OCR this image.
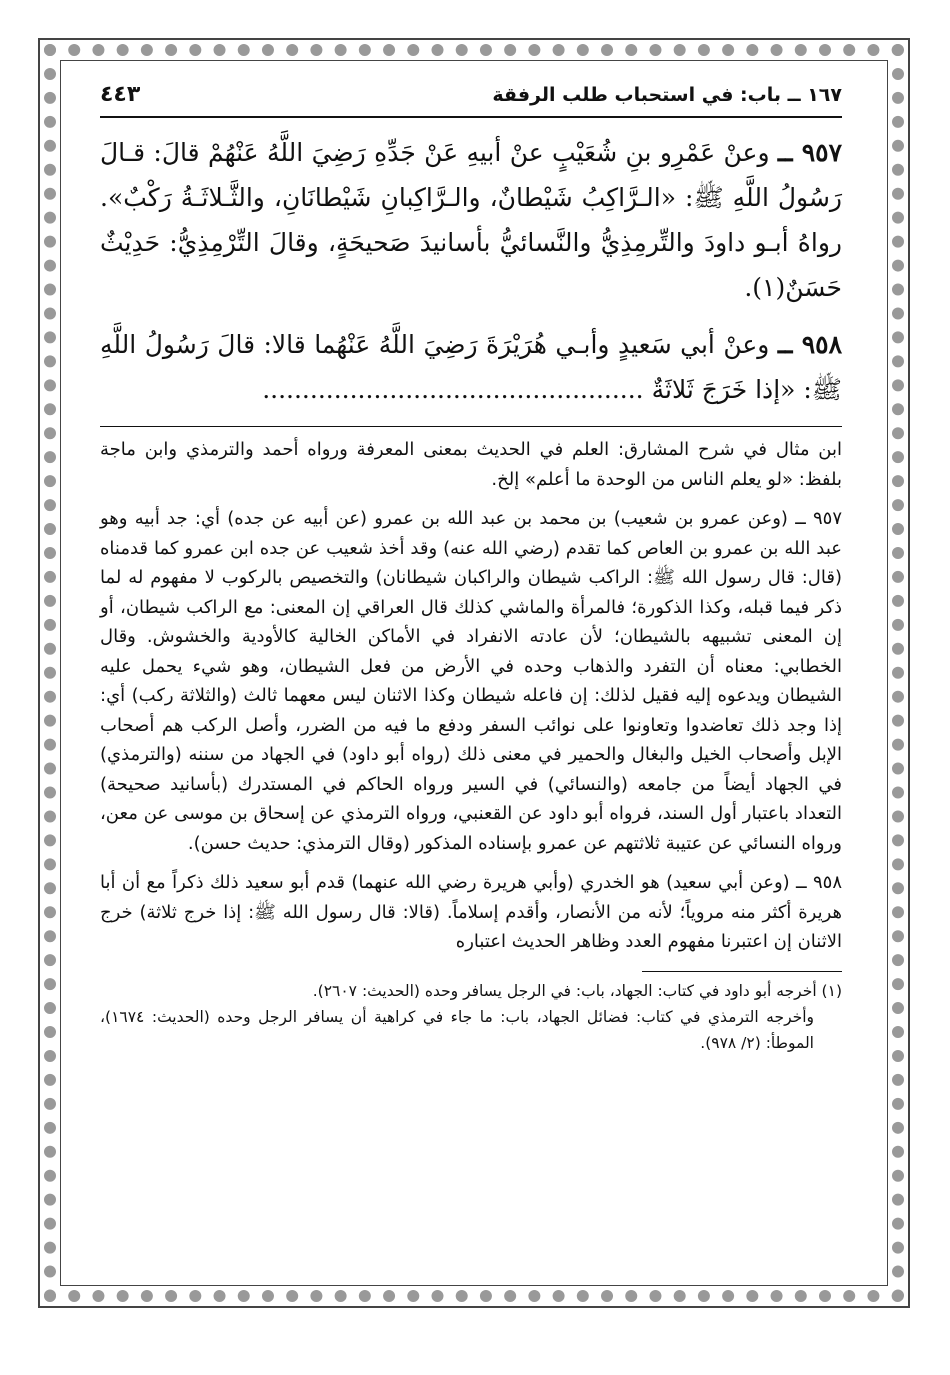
١٦٧ ــ باب: في استحباب طلب الرفقة
٤٤٣
٩٥٧ ــ وعنْ عَمْرِو بنِ شُعَيْبٍ عنْ أبيهِ عَنْ جَدِّهِ رَضِيَ اللَّهُ عَنْهُمْ قالَ: قـالَ رَسُولُ اللَّهِ ﷺ: «الـرَّاكِبُ شَيْطانٌ، والـرَّاكِبانِ شَيْطانَانِ، والثَّـلاثَـةُ رَكْبٌ». رواهُ أبـو داودَ والتِّرمِذِيُّ والنَّسائيُّ بأسانيدَ صَحيحَةٍ، وقالَ التِّرْمِذِيُّ: حَدِيْثٌ حَسَنٌ(١).
٩٥٨ ــ وعنْ أبي سَعيدٍ وأبـي هُرَيْرَةَ رَضِيَ اللَّهُ عَنْهُما قالا: قالَ رَسُولُ اللَّهِ ﷺ: «إذا خَرَجَ ثَلاثَةٌ ................................................

ابن مثال في شرح المشارق: العلم في الحديث بمعنى المعرفة ورواه أحمد والترمذي وابن ماجة بلفظ: «لو يعلم الناس من الوحدة ما أعلم» إلخ.

٩٥٧ ــ (وعن عمرو بن شعيب) بن محمد بن عبد الله بن عمرو (عن أبيه عن جده) أي: جد أبيه وهو عبد الله بن عمرو بن العاص كما تقدم (رضي الله عنه) وقد أخذ شعيب عن جده ابن عمرو كما قدمناه (قال: قال رسول الله ﷺ: الراكب شيطان والراكبان شيطانان) والتخصيص بالركوب لا مفهوم له لما ذكر فيما قبله، وكذا الذكورة؛ فالمرأة والماشي كذلك قال العراقي إن المعنى: مع الراكب شيطان، أو إن المعنى تشبيهه بالشيطان؛ لأن عادته الانفراد في الأماكن الخالية كالأودية والخشوش. وقال الخطابي: معناه أن التفرد والذهاب وحده في الأرض من فعل الشيطان، وهو شيء يحمل عليه الشيطان ويدعوه إليه فقيل لذلك: إن فاعله شيطان وكذا الاثنان ليس معهما ثالث (والثلاثة ركب) أي: إذا وجد ذلك تعاضدوا وتعاونوا على نوائب السفر ودفع ما فيه من الضرر، وأصل الركب هم أصحاب الإبل وأصحاب الخيل والبغال والحمير في معنى ذلك (رواه أبو داود) في الجهاد من سننه (والترمذي) في الجهاد أيضاً من جامعه (والنسائي) في السير ورواه الحاكم في المستدرك (بأسانيد صحيحة) التعداد باعتبار أول السند، فرواه أبو داود عن القعنبي، ورواه الترمذي عن إسحاق بن موسى عن معن، ورواه النسائي عن عتيبة ثلاثتهم عن عمرو بإسناده المذكور (وقال الترمذي: حديث حسن).

٩٥٨ ــ (وعن أبي سعيد) هو الخدري (وأبي هريرة رضي الله عنهما) قدم أبو سعيد ذلك ذكراً مع أن أبا هريرة أكثر منه مروياً؛ لأنه من الأنصار، وأقدم إسلاماً. (قالا: قال رسول الله ﷺ: إذا خرج ثلاثة) خرج الاثنان إن اعتبرنا مفهوم العدد وظاهر الحديث اعتباره

(١) أخرجه أبو داود في كتاب: الجهاد، باب: في الرجل يسافر وحده (الحديث: ٢٦٠٧).

وأخرجه الترمذي في كتاب: فضائل الجهاد، باب: ما جاء في كراهية أن يسافر الرجل وحده (الحديث: ١٦٧٤)، الموطأ: (٢/ ٩٧٨).
